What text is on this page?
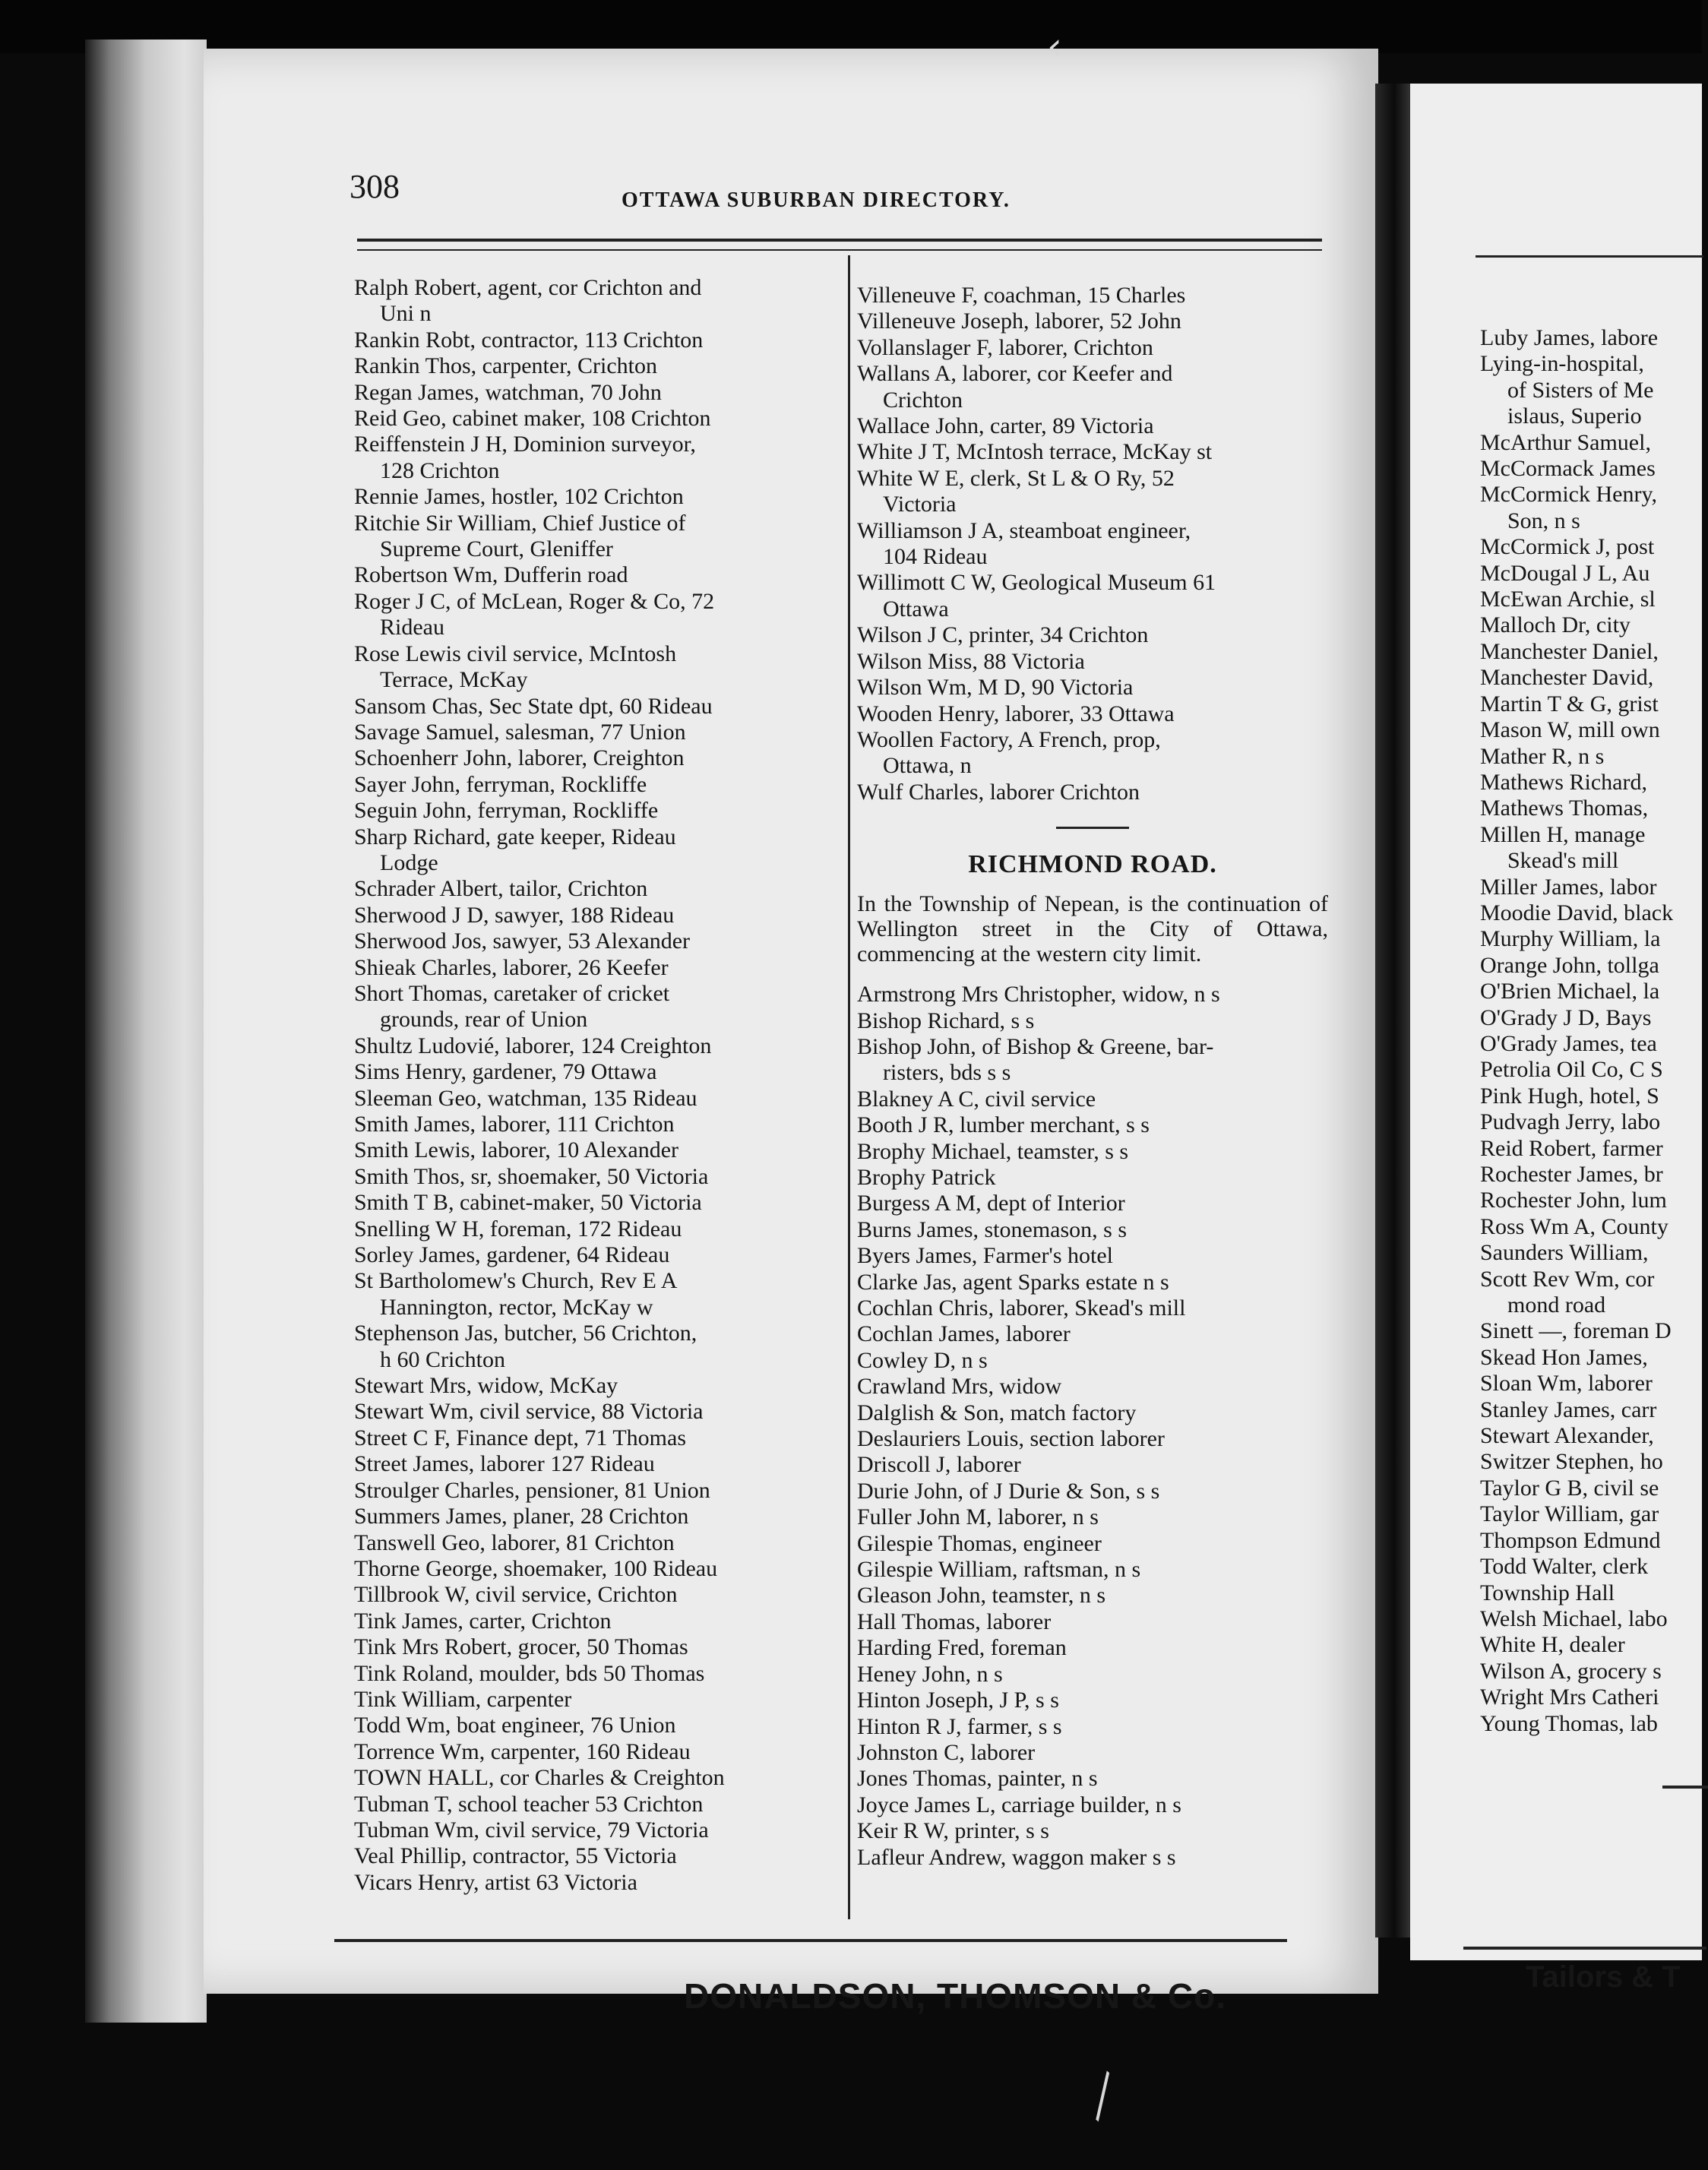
308	OTTAWA SUBURBAN DIRECTORY.
Ralph Robert, agent, cor Crichton and
Uni n
Rankin Robt, contractor, 113 Crichton
Rankin Thos, carpenter, Crichton
Regan James, watchman, 70 John
Reid Geo, cabinet maker, 108 Crichton
Reiffenstein J H, Dominion surveyor,
128 Crichton
Rennie James, hostler, 102 Crichton
Ritchie Sir William, Chief Justice of
Supreme Court, Gleniffer
Robertson Wm, Dufferin road
Roger J C, of McLean, Roger & Co, 72
Rideau
Rose Lewis civil service, McIntosh
Terrace, McKay
Sansom Chas, Sec State dpt, 60 Rideau
Savage Samuel, salesman, 77 Union
Schoenherr John, laborer, Creighton
Sayer John, ferryman, Rockliffe
Seguin John, ferryman, Rockliffe
Sharp Richard, gate keeper, Rideau
Lodge
Schrader Albert, tailor, Crichton
Sherwood J D, sawyer, 188 Rideau
Sherwood Jos, sawyer, 53 Alexander
Shieak Charles, laborer, 26 Keefer
Short Thomas, caretaker of cricket
grounds, rear of Union
Shultz Ludovié, laborer, 124 Creighton
Sims Henry, gardener, 79 Ottawa
Sleeman Geo, watchman, 135 Rideau
Smith James, laborer, 111 Crichton
Smith Lewis, laborer, 10 Alexander
Smith Thos, sr, shoemaker, 50 Victoria
Smith T B, cabinet-maker, 50 Victoria
Snelling W H, foreman, 172 Rideau
Sorley James, gardener, 64 Rideau
St Bartholomew's Church, Rev E A
Hannington, rector, McKay w
Stephenson Jas, butcher, 56 Crichton,
h 60 Crichton
Stewart Mrs, widow, McKay
Stewart Wm, civil service, 88 Victoria
Street C F, Finance dept, 71 Thomas
Street James, laborer 127 Rideau
Stroulger Charles, pensioner, 81 Union
Summers James, planer, 28 Crichton
Tanswell Geo, laborer, 81 Crichton
Thorne George, shoemaker, 100 Rideau
Tillbrook W, civil service, Crichton
Tink James, carter, Crichton
Tink Mrs Robert, grocer, 50 Thomas
Tink Roland, moulder, bds 50 Thomas
Tink William, carpenter
Todd Wm, boat engineer, 76 Union
Torrence Wm, carpenter, 160 Rideau
TOWN HALL, cor Charles & Creighton
Tubman T, school teacher 53 Crichton
Tubman Wm, civil service, 79 Victoria
Veal Phillip, contractor, 55 Victoria
Vicars Henry, artist 63 Victoria
Villeneuve F, coachman, 15 Charles
Villeneuve Joseph, laborer, 52 John
Vollanslager F, laborer, Crichton
Wallans A, laborer, cor Keefer and
Crichton
Wallace John, carter, 89 Victoria
White J T, McIntosh terrace, McKay st
White W E, clerk, St L & O Ry, 52
Victoria
Williamson J A, steamboat engineer,
104 Rideau
Willimott C W, Geological Museum 61
Ottawa
Wilson J C, printer, 34 Crichton
Wilson Miss, 88 Victoria
Wilson Wm, M D, 90 Victoria
Wooden Henry, laborer, 33 Ottawa
Woollen Factory, A French, prop,
Ottawa, n
Wulf Charles, laborer Crichton
RICHMOND ROAD.
In the Township of Nepean, is the continuation of Wellington street in the City of Ottawa, commencing at the western city limit.
Armstrong Mrs Christopher, widow, n s
Bishop Richard, s s
Bishop John, of Bishop & Greene, bar-
risters, bds s s
Blakney A C, civil service
Booth J R, lumber merchant, s s
Brophy Michael, teamster, s s
Brophy Patrick
Burgess A M, dept of Interior
Burns James, stonemason, s s
Byers James, Farmer's hotel
Clarke Jas, agent Sparks estate n s
Cochlan Chris, laborer, Skead's mill
Cochlan James, laborer
Cowley D, n s
Crawland Mrs, widow
Dalglish & Son, match factory
Deslauriers Louis, section laborer
Driscoll J, laborer
Durie John, of J Durie & Son, s s
Fuller John M, laborer, n s
Gilespie Thomas, engineer
Gilespie William, raftsman, n s
Gleason John, teamster, n s
Hall Thomas, laborer
Harding Fred, foreman
Heney John, n s
Hinton Joseph, J P, s s
Hinton R J, farmer, s s
Johnston C, laborer
Jones Thomas, painter, n s
Joyce James L, carriage builder, n s
Keir R W, printer, s s
Lafleur Andrew, waggon maker s s
DONALDSON, THOMSON & Co.
Luby James, labore
Lying-in-hospital,
of Sisters of Me
islaus, Superio
McArthur Samuel,
McCormack James
McCormick Henry,
Son, n s
McCormick J, post
McDougal J L, Au
McEwan Archie, sl
Malloch Dr, city
Manchester Daniel,
Manchester David,
Martin T & G, grist
Mason W, mill own
Mather R, n s
Mathews Richard,
Mathews Thomas,
Millen H, manage
Skead's mill
Miller James, labor
Moodie David, black
Murphy William, la
Orange John, tollga
O'Brien Michael, la
O'Grady J D, Bays
O'Grady James, tea
Petrolia Oil Co, C S
Pink Hugh, hotel, S
Pudvagh Jerry, labo
Reid Robert, farmer
Rochester James, br
Rochester John, lum
Ross Wm A, County
Saunders William,
Scott Rev Wm, cor
mond road
Sinett —, foreman D
Skead Hon James,
Sloan Wm, laborer
Stanley James, carr
Stewart Alexander,
Switzer Stephen, ho
Taylor G B, civil se
Taylor William, gar
Thompson Edmund
Todd Walter, clerk
Township Hall
Welsh Michael, labo
White H, dealer
Wilson A, grocery s
Wright Mrs Catheri
Young Thomas, lab
Tailors & T
‹
╲
